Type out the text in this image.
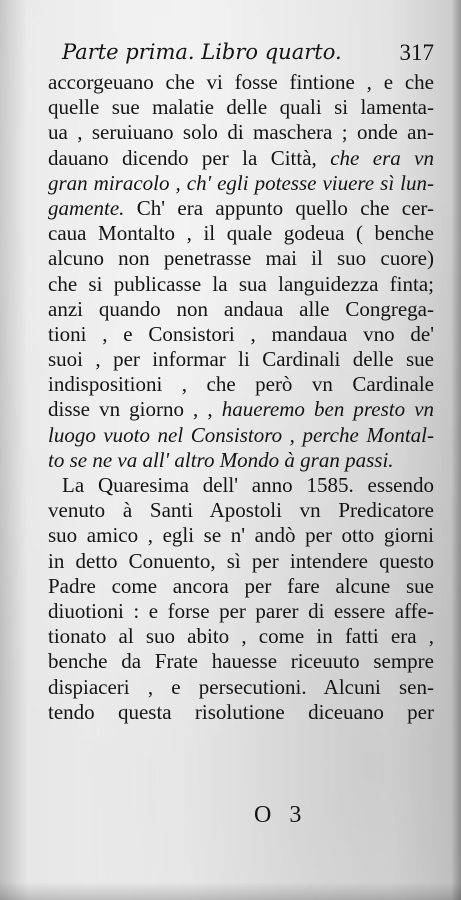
Parte prima. Libro quarto.	317
accorgeuano che vi fosse fintione , e che
quelle sue malatie delle quali si lamenta-
ua , seruiuano solo di maschera ; onde an-
dauano dicendo per la Città, che era vn
gran miracolo , ch' egli potesse viuere sì lun-
gamente. Ch' era appunto quello che cer-
caua Montalto , il quale godeua ( benche
alcuno non penetrasse mai il suo cuore)
che si publicasse la sua languidezza finta;
anzi quando non andaua alle Congrega-
tioni , e Consistori , mandaua vno de'
suoi , per informar li Cardinali delle sue
indispositioni , che però vn Cardinale
disse vn giorno , , haueremo ben presto vn
luogo vuoto nel Consistoro , perche Montal-
to se ne va all' altro Mondo à gran passi.
La Quaresima dell' anno 1585. essendo
venuto à Santi Apostoli vn Predicatore
suo amico , egli se n' andò per otto giorni
in detto Conuento, sì per intendere questo
Padre come ancora per fare alcune sue
diuotioni : e forse per parer di essere affe-
tionato al suo abito , come in fatti era ,
benche da Frate hauesse riceuuto sempre
dispiaceri , e persecutioni. Alcuni sen-
tendo questa risolutione diceuano per
O 3
